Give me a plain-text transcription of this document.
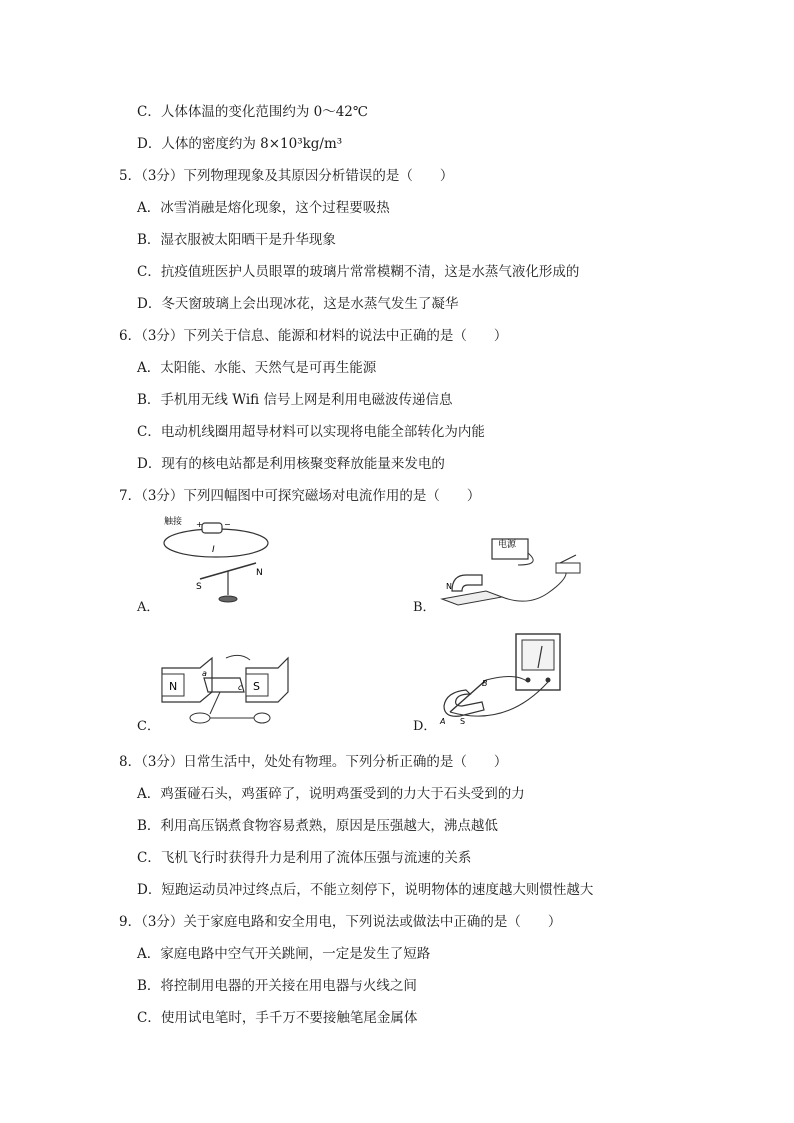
C．人体体温的变化范围约为 0～42℃
D．人体的密度约为 8×10³kg/m³
5．（3分）下列物理现象及其原因分析错误的是（　　）
A．冰雪消融是熔化现象，这个过程要吸热
B．湿衣服被太阳晒干是升华现象
C．抗疫值班医护人员眼罩的玻璃片常常模糊不清，这是水蒸气液化形成的
D．冬天窗玻璃上会出现冰花，这是水蒸气发生了凝华
6．（3分）下列关于信息、能源和材料的说法中正确的是（　　）
A．太阳能、水能、天然气是可再生能源
B．手机用无线 Wifi 信号上网是利用电磁波传递信息
C．电动机线圈用超导材料可以实现将电能全部转化为内能
D．现有的核电站都是利用核聚变释放能量来发电的
7．（3分）下列四幅图中可探究磁场对电流作用的是（　　）
触接 +	−
I
S
N
A．
电源
N
B．
N	S
a
c
C．	A
B
S
D．
8．（3分）日常生活中，处处有物理。下列分析正确的是（　　）
A．鸡蛋碰石头，鸡蛋碎了，说明鸡蛋受到的力大于石头受到的力
B．利用高压锅煮食物容易煮熟，原因是压强越大，沸点越低
C．飞机飞行时获得升力是利用了流体压强与流速的关系
D．短跑运动员冲过终点后，不能立刻停下，说明物体的速度越大则惯性越大
9．（3分）关于家庭电路和安全用电，下列说法或做法中正确的是（　　）
A．家庭电路中空气开关跳闸，一定是发生了短路
B．将控制用电器的开关接在用电器与火线之间
C．使用试电笔时，手千万不要接触笔尾金属体
